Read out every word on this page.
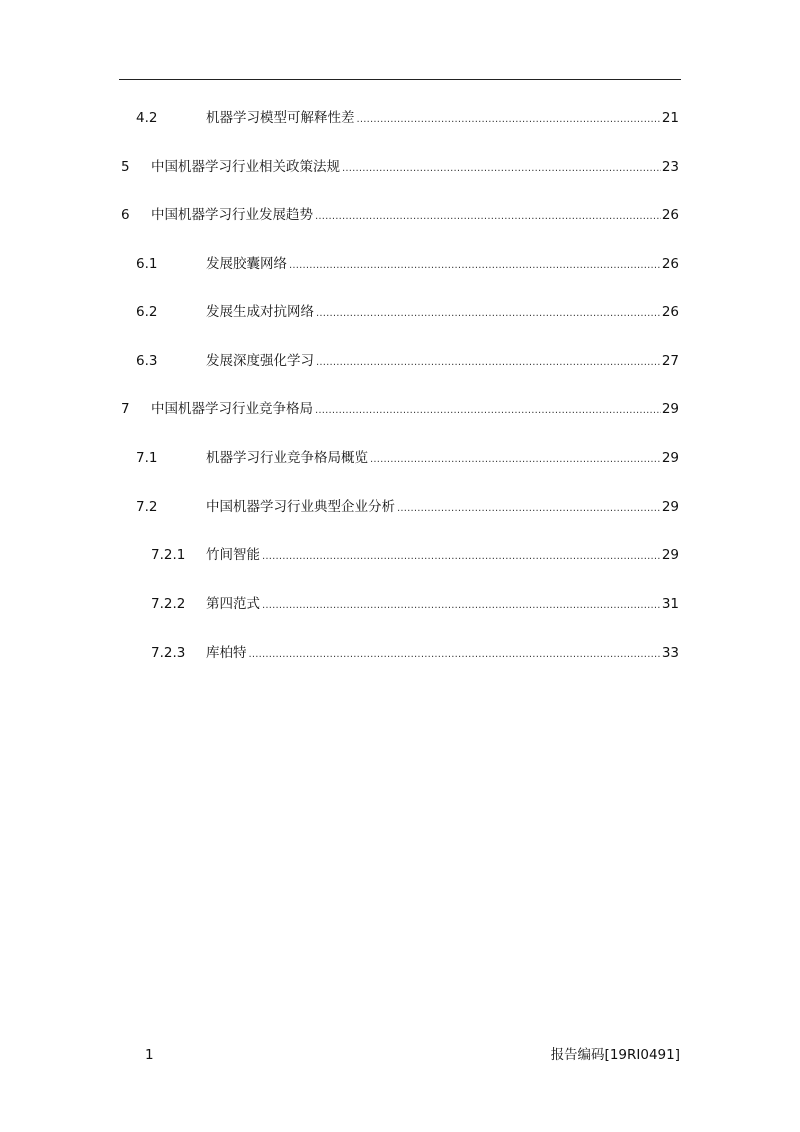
4.2	机器学习模型可解释性差 .....	21
5	中国机器学习行业相关政策法规 .....	23
6	中国机器学习行业发展趋势 .....	26
6.1	发展胶囊网络 .....	26
6.2	发展生成对抗网络 .....	26
6.3	发展深度强化学习 .....	27
7	中国机器学习行业竞争格局 .....	29
7.1	机器学习行业竞争格局概览 .....	29
7.2	中国机器学习行业典型企业分析 .....	29
7.2.1	竹间智能 .....	29
7.2.2	第四范式 .....	31
7.2.3	库柏特 .....	33
1	报告编码[19RI0491]
